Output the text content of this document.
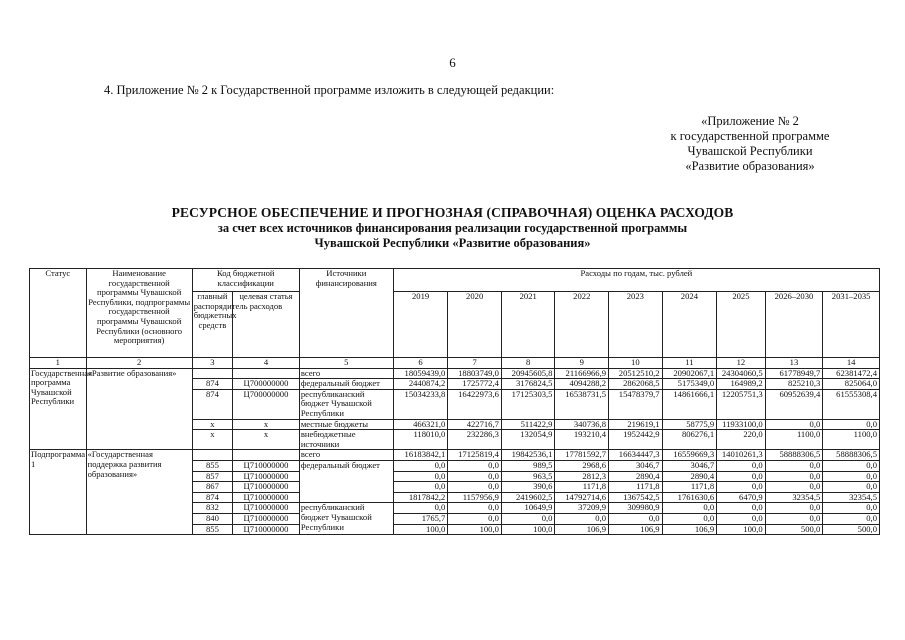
6
4. Приложение № 2 к Государственной программе изложить в следующей редакции:
«Приложение № 2
к государственной программе
Чувашской Республики
«Развитие образования»
РЕСУРСНОЕ ОБЕСПЕЧЕНИЕ И ПРОГНОЗНАЯ (СПРАВОЧНАЯ) ОЦЕНКА РАСХОДОВ
за счет всех источников финансирования реализации государственной программы
Чувашской Республики «Развитие образования»
Статус	Наименование государственной программы Чувашской Республики, подпрограммы государственной программы Чувашской Республики (основного мероприятия)	Код бюджетной классификации		Источники финансирования	Расходы по годам, тыс. рублей								
		главный распорядитель бюджетных средств	целевая статья расходов		2019	2020	2021	2022	2023	2024	2025	2026–2030	2031–2035
1	2	3	4	5	6	7	8	9	10	11	12	13	14
Государственная программа Чувашской Республики	«Развитие образования»			всего	18059439,0	18803749,0	20945605,8	21166966,9	20512510,2	20902067,1	24304060,5	61778949,7	62381472,4
		874	Ц700000000	федеральный бюджет	2440874,2	1725772,4	3176824,5	4094288,2	2862068,5	5175349,0	164989,2	825210,3	825064,0
		874	Ц700000000	республиканский бюджет Чувашской Республики	15034233,8	16422973,6	17125303,5	16538731,5	15478379,7	14861666,1	12205751,3	60952639,4	61555308,4
		x	x	местные бюджеты	466321,0	422716,7	511422,9	340736,8	219619,1	58775,9	11933100,0	0,0	0,0
		x	x	внебюджетные источники	118010,0	232286,3	132054,9	193210,4	1952442,9	806276,1	220,0	1100,0	1100,0
Подпрограмма 1	«Государственная поддержка развития образования»			всего	16183842,1	17125819,4	19842536,1	17781592,7	16634447,3	16559669,3	14010261,3	58888306,5	58888306,5
		855	Ц710000000	федеральный бюджет	0,0	0,0	989,5	2968,6	3046,7	3046,7	0,0	0,0	0,0
		857	Ц710000000		0,0	0,0	963,5	2812,3	2890,4	2890,4	0,0	0,0	0,0
		867	Ц710000000		0,0	0,0	390,6	1171,8	1171,8	1171,8	0,0	0,0	0,0
		874	Ц710000000		1817842,2	1157956,9	2419602,5	14792714,6	1367542,5	1761630,6	6470,9	32354,5	32354,5
		832	Ц710000000	республиканский бюджет Чувашской Республики	0,0	0,0	10649,9	37209,9	309980,9	0,0	0,0	0,0	0,0
		840	Ц710000000		1765,7	0,0	0,0	0,0	0,0	0,0	0,0	0,0	0,0
		855	Ц710000000		100,0	100,0	100,0	106,9	106,9	106,9	100,0	500,0	500,0
